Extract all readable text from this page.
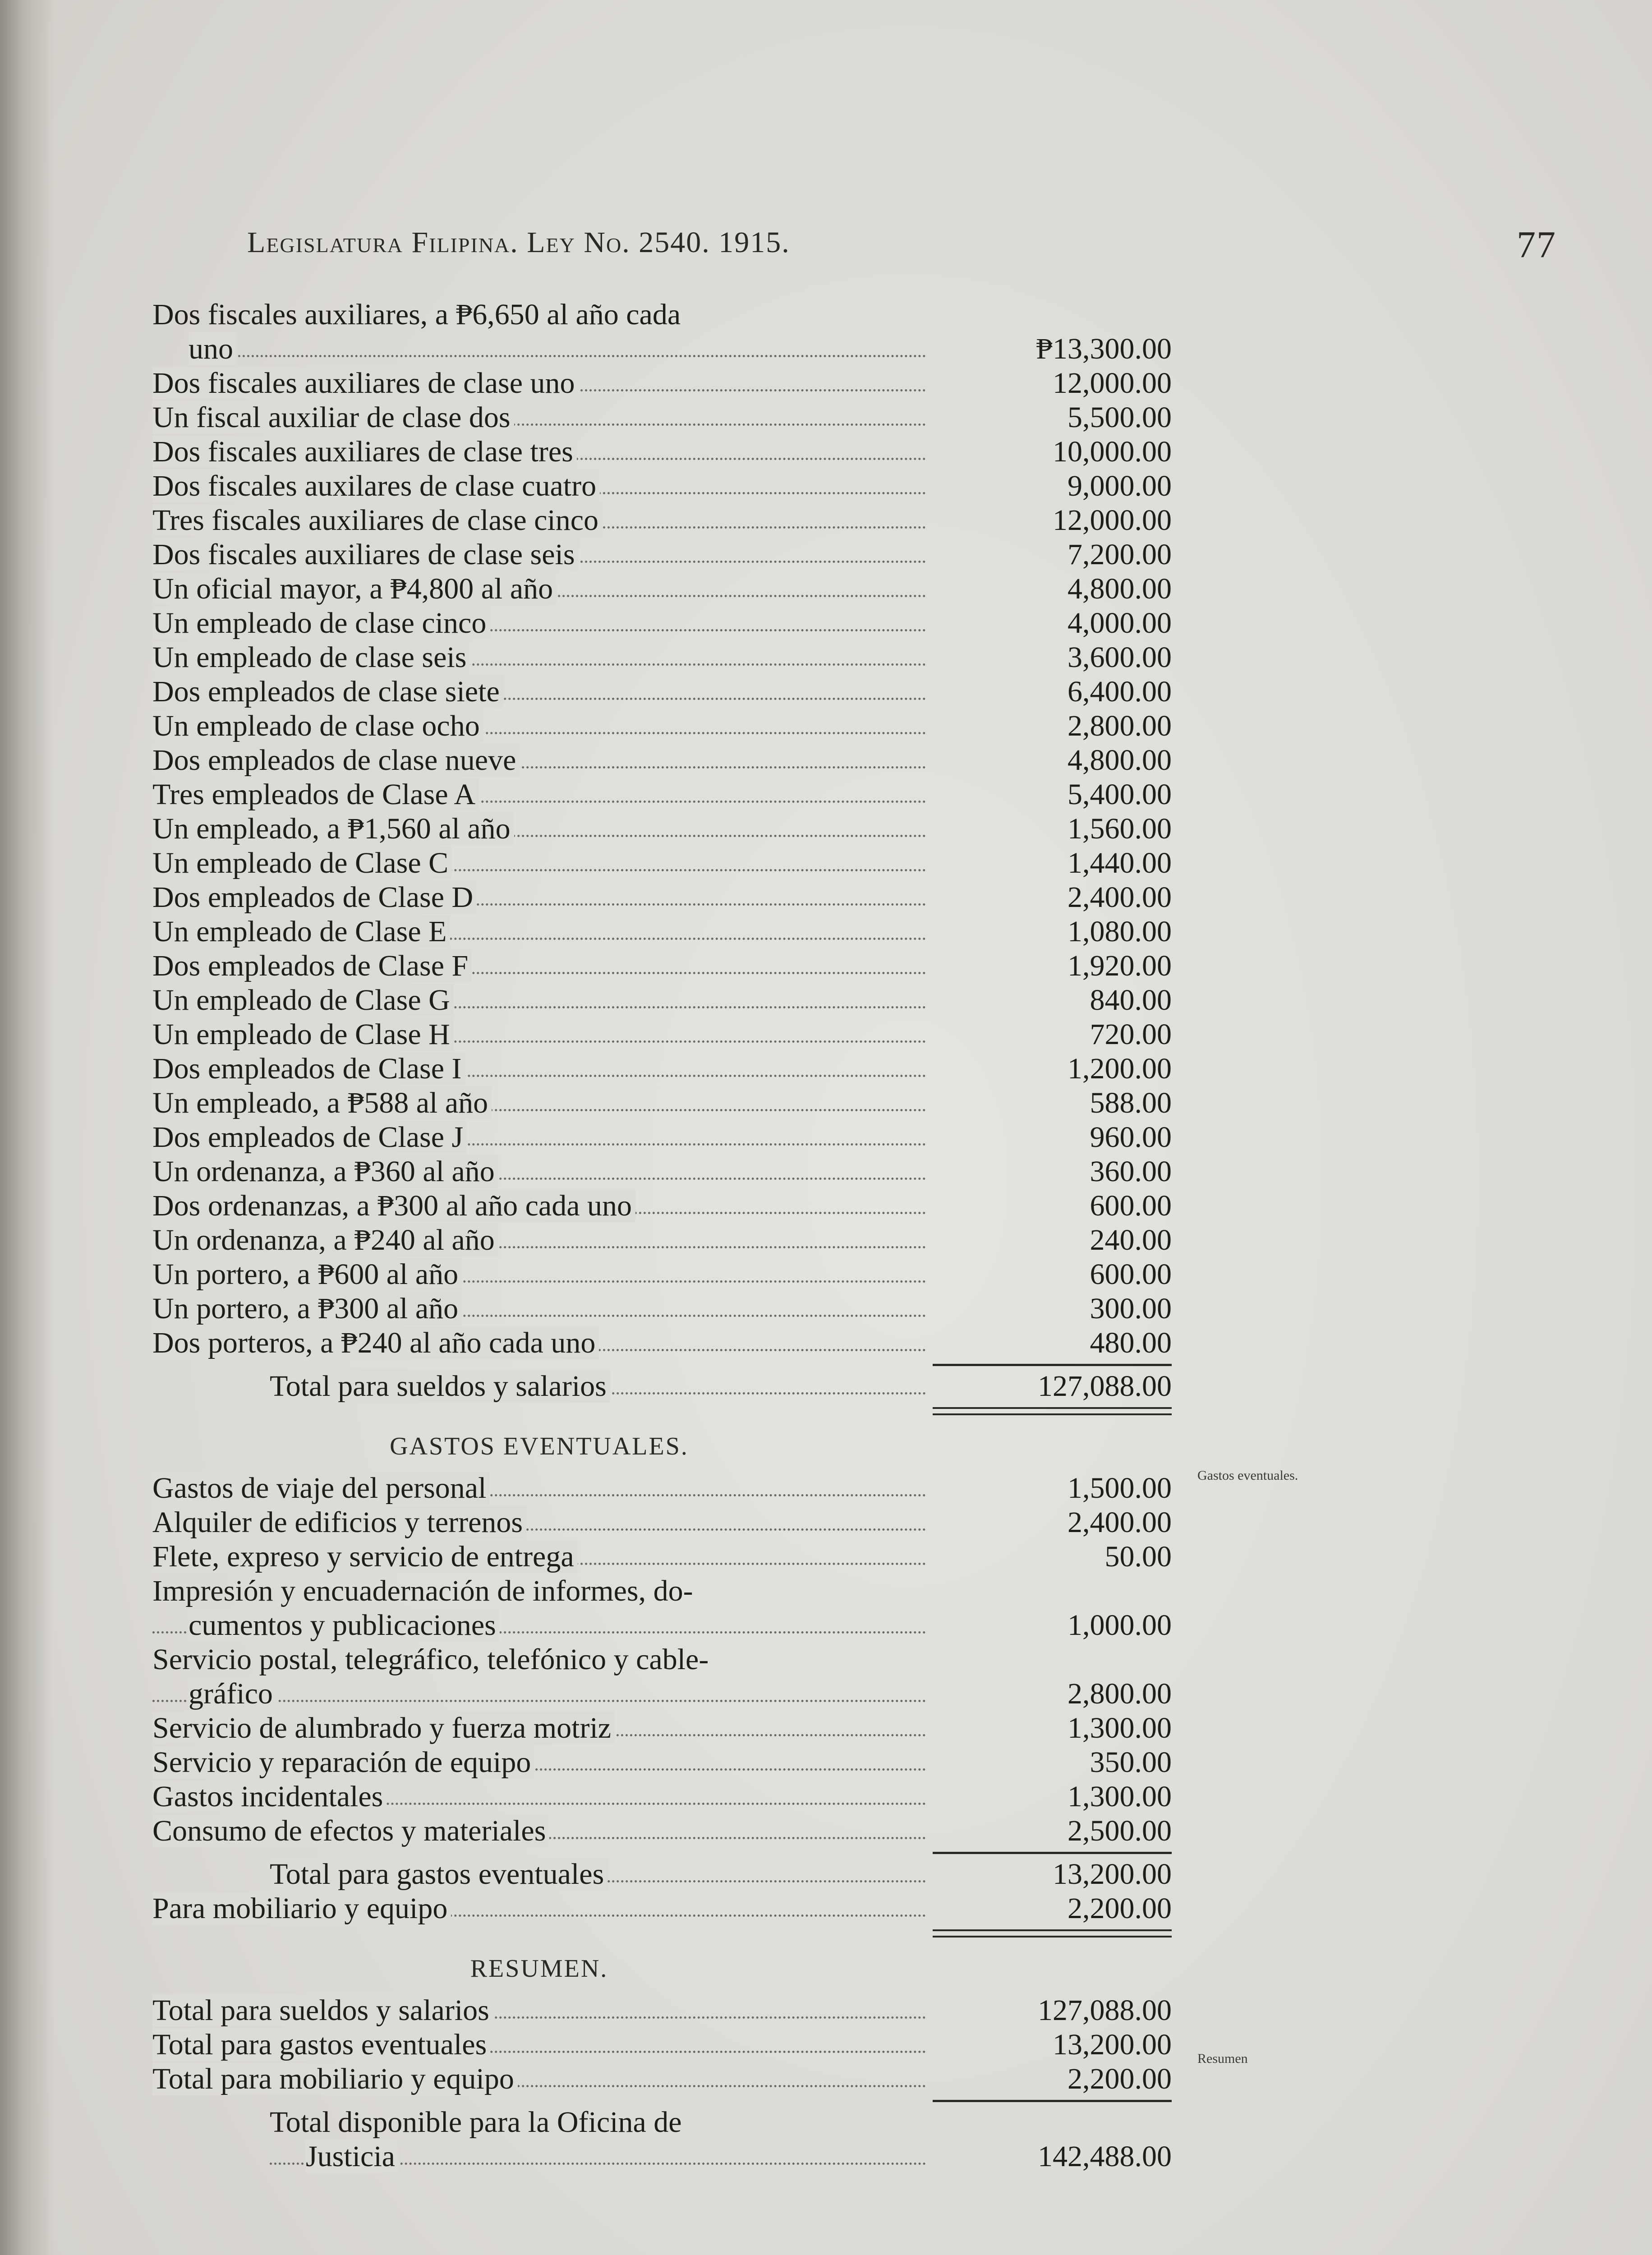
Legislatura Filipina. Ley No. 2540. 1915.	77
Dos fiscales auxiliares, a ₱6,650 al año cada
uno	₱13,300.00
Dos fiscales auxiliares de clase uno	12,000.00
Un fiscal auxiliar de clase dos	5,500.00
Dos fiscales auxiliares de clase tres	10,000.00
Dos fiscales auxilares de clase cuatro	9,000.00
Tres fiscales auxiliares de clase cinco	12,000.00
Dos fiscales auxiliares de clase seis	7,200.00
Un oficial mayor, a ₱4,800 al año	4,800.00
Un empleado de clase cinco	4,000.00
Un empleado de clase seis	3,600.00
Dos empleados de clase siete	6,400.00
Un empleado de clase ocho	2,800.00
Dos empleados de clase nueve	4,800.00
Tres empleados de Clase A	5,400.00
Un empleado, a ₱1,560 al año	1,560.00
Un empleado de Clase C	1,440.00
Dos empleados de Clase D	2,400.00
Un empleado de Clase E	1,080.00
Dos empleados de Clase F	1,920.00
Un empleado de Clase G	840.00
Un empleado de Clase H	720.00
Dos empleados de Clase I	1,200.00
Un empleado, a ₱588 al año	588.00
Dos empleados de Clase J	960.00
Un ordenanza, a ₱360 al año	360.00
Dos ordenanzas, a ₱300 al año cada uno	600.00
Un ordenanza, a ₱240 al año	240.00
Un portero, a ₱600 al año	600.00
Un portero, a ₱300 al año	300.00
Dos porteros, a ₱240 al año cada uno	480.00
Total para sueldos y salarios	127,088.00
GASTOS EVENTUALES.
Gastos de viaje del personal	1,500.00
Alquiler de edificios y terrenos	2,400.00
Flete, expreso y servicio de entrega	50.00
Impresión y encuadernación de informes, do-
cumentos y publicaciones	1,000.00
Servicio postal, telegráfico, telefónico y cable-
gráfico	2,800.00
Servicio de alumbrado y fuerza motriz	1,300.00
Servicio y reparación de equipo	350.00
Gastos incidentales	1,300.00
Consumo de efectos y materiales	2,500.00
Total para gastos eventuales	13,200.00
Para mobiliario y equipo	2,200.00
RESUMEN.
Total para sueldos y salarios	127,088.00
Total para gastos eventuales	13,200.00
Total para mobiliario y equipo	2,200.00
Total disponible para la Oficina de
Justicia	142,488.00
Gastos eventuales.
Resumen
